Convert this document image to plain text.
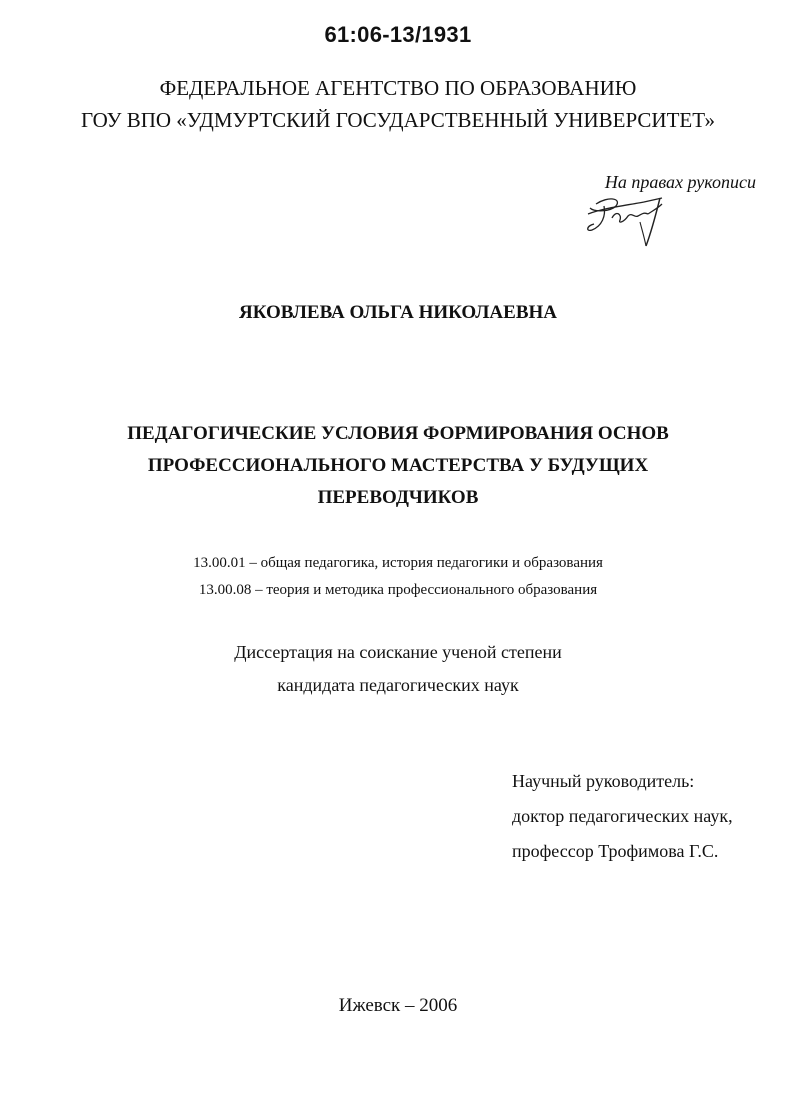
61:06-13/1931
ФЕДЕРАЛЬНОЕ АГЕНТСТВО ПО ОБРАЗОВАНИЮ
ГОУ ВПО «УДМУРТСКИЙ ГОСУДАРСТВЕННЫЙ УНИВЕРСИТЕТ»
На правах рукописи
ЯКОВЛЕВА ОЛЬГА НИКОЛАЕВНА
ПЕДАГОГИЧЕСКИЕ УСЛОВИЯ ФОРМИРОВАНИЯ ОСНОВ
ПРОФЕССИОНАЛЬНОГО МАСТЕРСТВА У БУДУЩИХ
ПЕРЕВОДЧИКОВ
13.00.01 – общая педагогика, история педагогики и образования
13.00.08 – теория и методика профессионального образования
Диссертация на соискание ученой степени
кандидата педагогических наук
Научный руководитель:
доктор педагогических наук,
профессор Трофимова Г.С.
Ижевск – 2006
